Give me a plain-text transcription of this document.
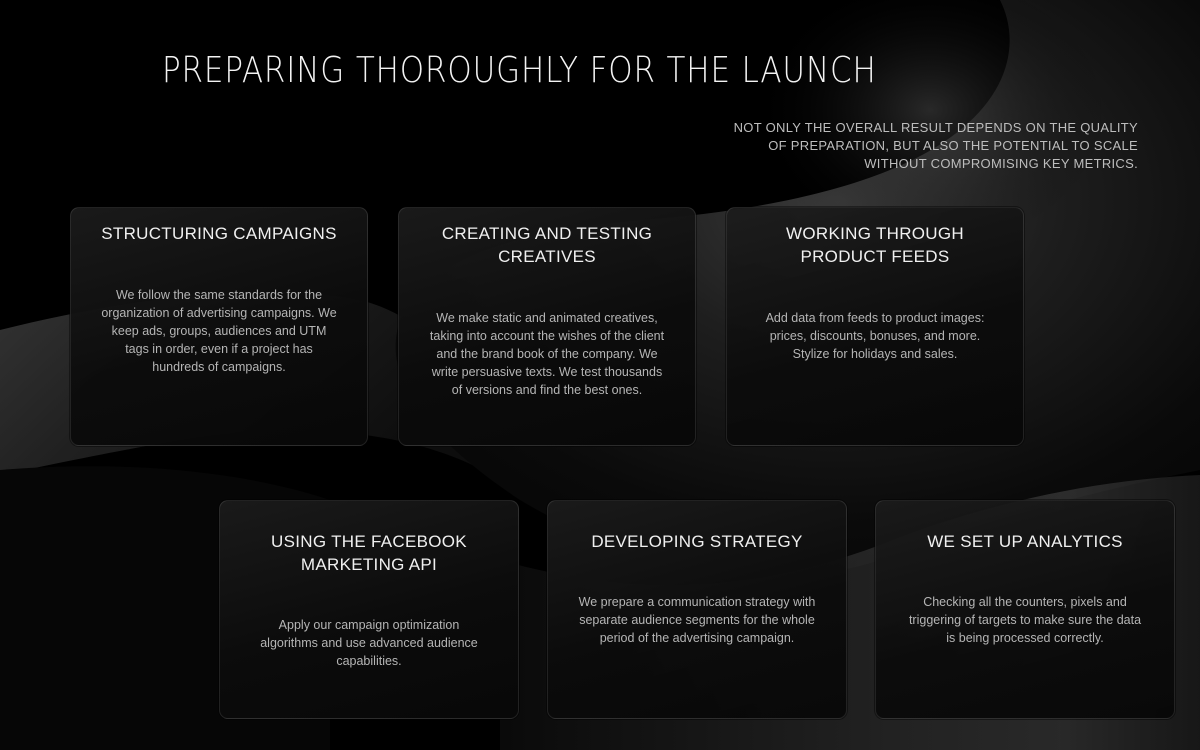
PREPARING THOROUGHLY FOR THE LAUNCH

NOT ONLY THE OVERALL RESULT DEPENDS ON THE QUALITY OF PREPARATION, BUT ALSO THE POTENTIAL TO SCALE WITHOUT COMPROMISING KEY METRICS.

STRUCTURING CAMPAIGNS

We follow the same standards for the organization of advertising campaigns. We keep ads, groups, audiences and UTM tags in order, even if a project has hundreds of campaigns.

CREATING AND TESTING CREATIVES

We make static and animated creatives, taking into account the wishes of the client and the brand book of the company. We write persuasive texts. We test thousands of versions and find the best ones.

WORKING THROUGH PRODUCT FEEDS

Add data from feeds to product images: prices, discounts, bonuses, and more. Stylize for holidays and sales.

USING THE FACEBOOK MARKETING API

Apply our campaign optimization algorithms and use advanced audience capabilities.

DEVELOPING STRATEGY

We prepare a communication strategy with separate audience segments for the whole period of the advertising campaign.

WE SET UP ANALYTICS

Checking all the counters, pixels and triggering of targets to make sure the data is being processed correctly.
